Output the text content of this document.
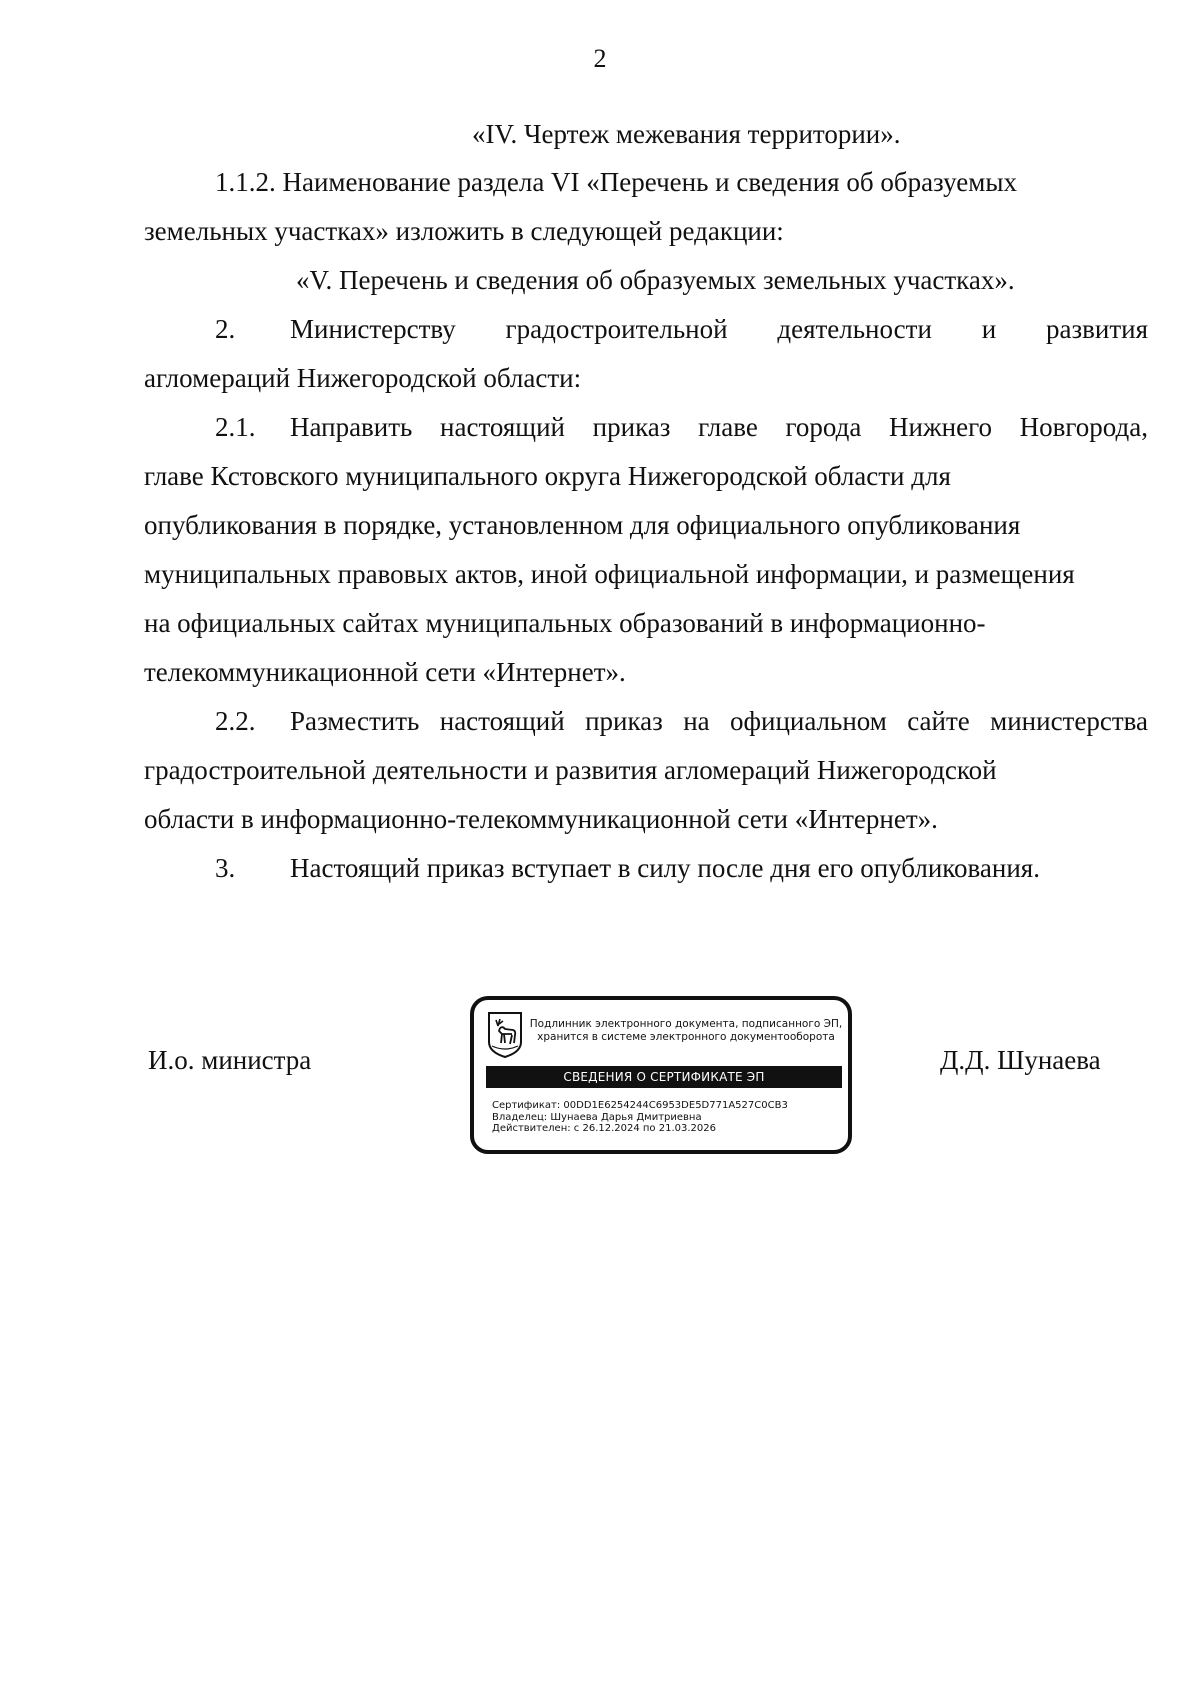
2
«IV. Чертеж межевания территории».
1.1.2. Наименование раздела VI «Перечень и сведения об образуемых
земельных участках» изложить в следующей редакции:
«V. Перечень и сведения об образуемых земельных участках».
2.	Министерству градостроительной деятельности и развития
агломераций Нижегородской области:
2.1.	Направить настоящий приказ главе города Нижнего Новгорода,
главе Кстовского муниципального округа Нижегородской области для
опубликования в порядке, установленном для официального опубликования
муниципальных правовых актов, иной официальной информации, и размещения
на официальных сайтах муниципальных образований в информационно-
телекоммуникационной сети «Интернет».
2.2.	Разместить настоящий приказ на официальном сайте министерства
градостроительной деятельности и развития агломераций Нижегородской
области в информационно-телекоммуникационной сети «Интернет».
3.	Настоящий приказ вступает в силу после дня его опубликования.
И.о. министра
Подлинник электронного документа, подписанного ЭП,
хранится в системе электронного документооборота
СВЕДЕНИЯ О СЕРТИФИКАТЕ ЭП
Сертификат: 00DD1E6254244C6953DE5D771A527C0CB3
Владелец: Шунаева Дарья Дмитриевна
Действителен: с 26.12.2024 по 21.03.2026
Д.Д. Шунаева
